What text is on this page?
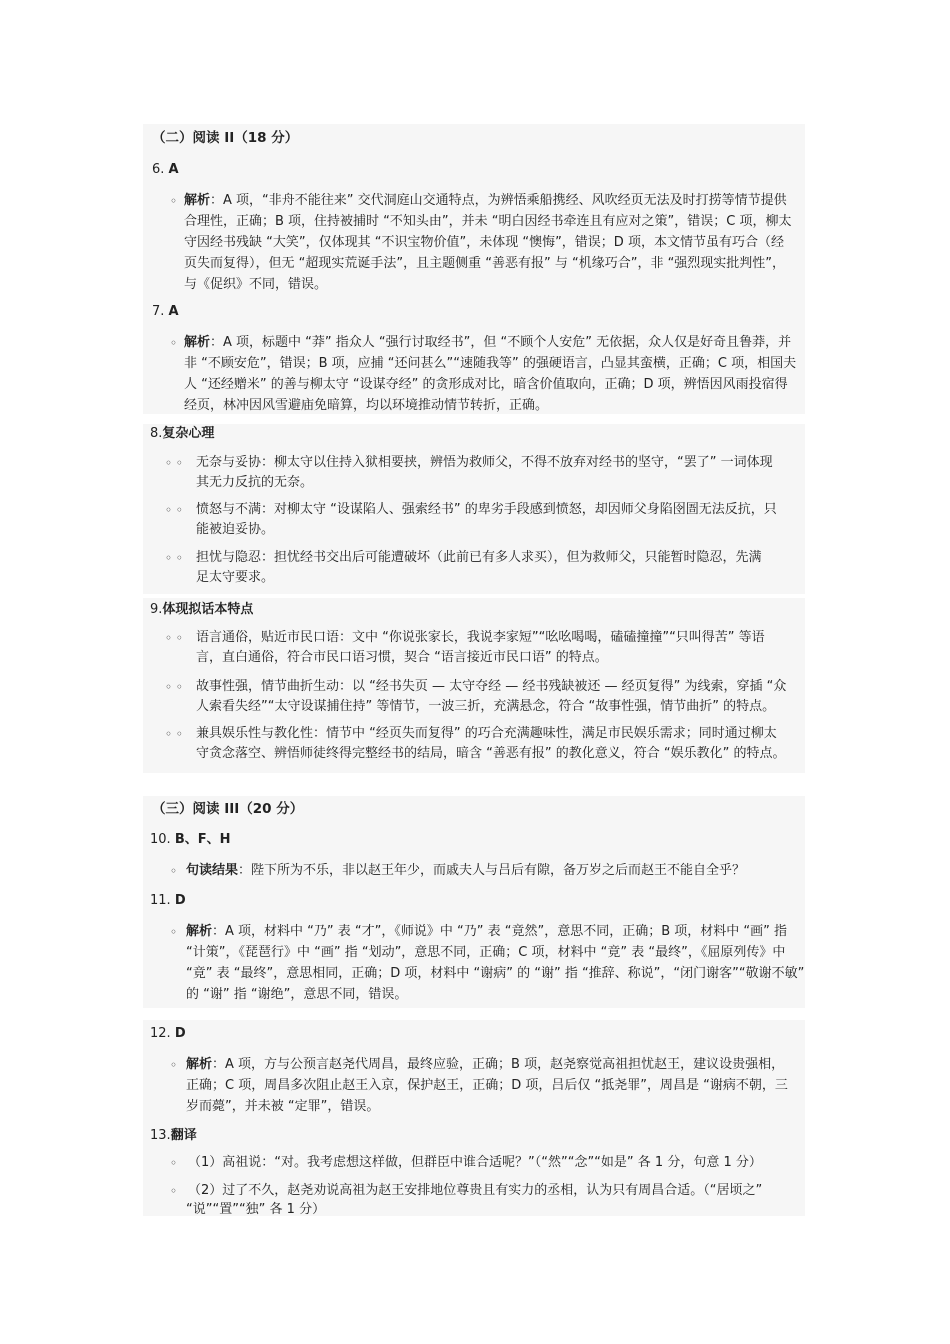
（二）阅读 II（18 分）
6. A
◦ 解析：A 项，“非舟不能往来” 交代洞庭山交通特点，为辨悟乘船携经、风吹经页无法及时打捞等情节提供
合理性，正确；B 项，住持被捕时 “不知头由”，并未 “明白因经书牵连且有应对之策”，错误；C 项，柳太
守因经书残缺 “大笑”，仅体现其 “不识宝物价值”，未体现 “懊悔”，错误；D 项，本文情节虽有巧合（经
页失而复得），但无 “超现实荒诞手法”，且主题侧重 “善恶有报” 与 “机缘巧合”，非 “强烈现实批判性”，
与《促织》不同，错误。
7. A
◦ 解析：A 项，标题中 “莽” 指众人 “强行讨取经书”，但 “不顾个人安危” 无依据，众人仅是好奇且鲁莽，并
非 “不顾安危”，错误；B 项，应捕 “还问甚么”“速随我等” 的强硬语言，凸显其蛮横，正确；C 项，相国夫
人 “还经赠米” 的善与柳太守 “设谋夺经” 的贪形成对比，暗含价值取向，正确；D 项，辨悟因风雨投宿得
经页，林冲因风雪避庙免暗算，均以环境推动情节转折，正确。
8.复杂心理
◦ ◦ 无奈与妥协：柳太守以住持入狱相要挟，辨悟为救师父，不得不放弃对经书的坚守，“罢了” 一词体现
其无力反抗的无奈。
◦ ◦ 愤怒与不满：对柳太守 “设谋陷人、强索经书” 的卑劣手段感到愤怒，却因师父身陷囹圄无法反抗，只
能被迫妥协。
◦ ◦ 担忧与隐忍：担忧经书交出后可能遭破坏（此前已有多人求买），但为救师父，只能暂时隐忍，先满
足太守要求。
9.体现拟话本特点
◦ ◦ 语言通俗，贴近市民口语：文中 “你说张家长，我说李家短”“吆吆喝喝，磕磕撞撞”“只叫得苦” 等语
言，直白通俗，符合市民口语习惯，契合 “语言接近市民口语” 的特点。
◦ ◦ 故事性强，情节曲折生动：以 “经书失页 — 太守夺经 — 经书残缺被还 — 经页复得” 为线索，穿插 “众
人索看失经”“太守设谋捕住持” 等情节，一波三折，充满悬念，符合 “故事性强，情节曲折” 的特点。
◦ ◦ 兼具娱乐性与教化性：情节中 “经页失而复得” 的巧合充满趣味性，满足市民娱乐需求；同时通过柳太
守贪念落空、辨悟师徒终得完整经书的结局，暗含 “善恶有报” 的教化意义，符合 “娱乐教化” 的特点。
（三）阅读 III（20 分）
10. B、F、H
◦ 句读结果：陛下所为不乐，非以赵王年少，而戚夫人与吕后有隙，备万岁之后而赵王不能自全乎？
11. D
◦ 解析：A 项，材料中 “乃” 表 “才”，《师说》中 “乃” 表 “竟然”，意思不同，正确；B 项，材料中 “画” 指
“计策”，《琵琶行》中 “画” 指 “划动”，意思不同，正确；C 项，材料中 “竟” 表 “最终”，《屈原列传》中
“竟” 表 “最终”，意思相同，正确；D 项，材料中 “谢病” 的 “谢” 指 “推辞、称说”，“闭门谢客”“敬谢不敏”
的 “谢” 指 “谢绝”，意思不同，错误。
12. D
◦ 解析：A 项，方与公预言赵尧代周昌，最终应验，正确；B 项，赵尧察觉高祖担忧赵王，建议设贵强相，
正确；C 项，周昌多次阻止赵王入京，保护赵王，正确；D 项，吕后仅 “抵尧罪”，周昌是 “谢病不朝，三
岁而薨”，并未被 “定罪”，错误。
13.翻译
◦ （1）高祖说：“对。我考虑想这样做，但群臣中谁合适呢？”（“然”“念”“如是” 各 1 分，句意 1 分）
◦ （2）过了不久，赵尧劝说高祖为赵王安排地位尊贵且有实力的丞相，认为只有周昌合适。（“居顷之”
“说”“置”“独” 各 1 分）
